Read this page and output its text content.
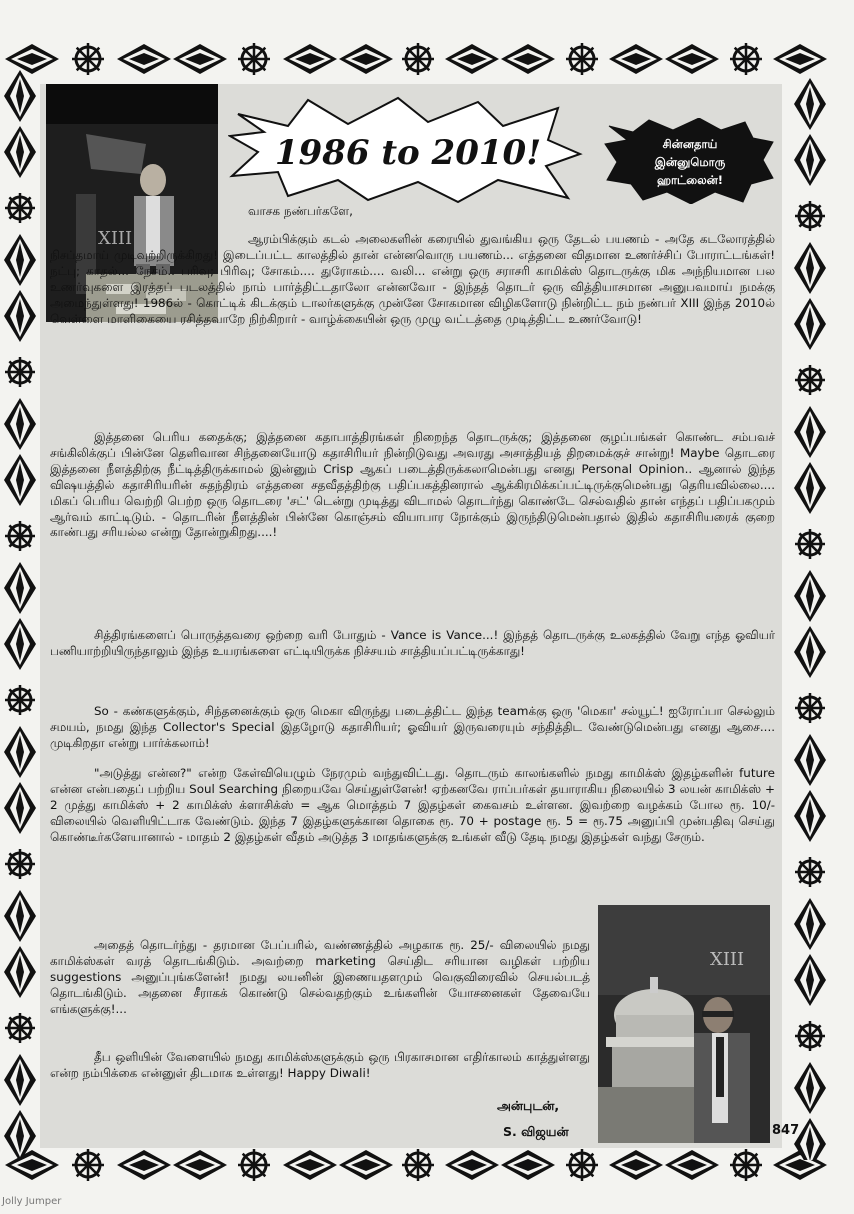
XIII
1986 to 2010!	சின்னதாய்
இன்னுமொரு
ஹாட்லைன்!

வாசக நண்பர்களே,

ஆரம்பிக்கும் கடல் அலைகளின் கரையில் துவங்கிய ஒரு தேடல் பயணம் - அதே கடலோரத்தில் நிசப்தமாய் முடிவுற்றிருக்கிறது! இடைப்பட்ட காலத்தில் தான் என்னவொரு பயணம்... எத்தனை விதமான உணர்ச்சிப் போராட்டங்கள்! நட்பு; காதல்... நேசம்.. பரிவு; பிரிவு; சோகம்.... துரோகம்.... வலி... என்று ஒரு சராசரி காமிக்ஸ் தொடருக்கு மிக அந்நியமான பல உணர்வுகளை இரத்தப் படலத்தில் நாம் பார்த்திட்டதாலோ என்னவோ - இந்தத் தொடர் ஒரு வித்தியாசமான அனுபவமாய் நமக்கு அமைந்துள்ளது! 1986ல் - கொட்டிக் கிடக்கும் டாலர்களுக்கு முன்னே சோகமான விழிகளோடு நின்றிட்ட நம் நண்பர் XIII இந்த 2010ல் வெள்ளை மாளிகையை ரசித்தவாறே நிற்கிறார் - வாழ்க்கையின் ஒரு முழு வட்டத்தை முடித்திட்ட உணர்வோடு!

இத்தனை பெரிய கதைக்கு; இத்தனை கதாபாத்திரங்கள் நிறைந்த தொடருக்கு; இத்தனை குழப்பங்கள் கொண்ட சம்பவச் சங்கிலிக்குப் பின்னே தெளிவான சிந்தனையோடு கதாசிரியர் நின்றிடுவது அவரது அசாத்தியத் திறமைக்குச் சான்று! Maybe தொடரை இத்தனை நீளத்திற்கு நீட்டித்திருக்காமல் இன்னும் Crisp ஆகப் படைத்திருக்கலாமென்பது எனது Personal Opinion.. ஆனால் இந்த விஷயத்தில் கதாசிரியரின் சுதந்திரம் எத்தனை சதவீதத்திற்கு பதிப்பகத்தினரால் ஆக்கிரமிக்கப்பட்டிருக்குமென்பது தெரியவில்லை.... மிகப் பெரிய வெற்றி பெற்ற ஒரு தொடரை 'சட்' டென்று முடித்து விடாமல் தொடர்ந்து கொண்டே செல்வதில் தான் எந்தப் பதிப்பகமும் ஆர்வம் காட்டிடும். - தொடரின் நீளத்தின் பின்னே கொஞ்சம் வியாபார நோக்கும் இருந்திடுமென்பதால் இதில் கதாசிரியரைக் குறை காண்பது சரியல்ல என்று தோன்றுகிறது....!

சித்திரங்களைப் பொருத்தவரை ஒற்றை வரி போதும் - Vance is Vance...! இந்தத் தொடருக்கு உலகத்தில் வேறு எந்த ஓவியர் பணியாற்றியிருந்தாலும் இந்த உயரங்களை எட்டியிருக்க நிச்சயம் சாத்தியப்பட்டிருக்காது!

So - கண்களுக்கும், சிந்தனைக்கும் ஒரு மெகா விருந்து படைத்திட்ட இந்த teamக்கு ஒரு 'மெகா' சல்யூட்! ஐரோப்பா செல்லும் சமயம், நமது இந்த Collector's Special இதழோடு கதாசிரியர்; ஓவியர் இருவரையும் சந்தித்திட வேண்டுமென்பது எனது ஆசை.... முடிகிறதா என்று பார்க்கலாம்!

"அடுத்து என்ன?" என்ற கேள்வியெழும் நேரமும் வந்துவிட்டது. தொடரும் காலங்களில் நமது காமிக்ஸ் இதழ்களின் future என்ன என்பதைப் பற்றிய Soul Searching நிறையவே செய்துள்ளேன்! ஏற்கனவே ராப்பர்கள் தயாராகிய நிலையில் 3 லயன் காமிக்ஸ் + 2 முத்து காமிக்ஸ் + 2 காமிக்ஸ் க்ளாசிக்ஸ் = ஆக மொத்தம் 7 இதழ்கள் கைவசம் உள்ளன. இவற்றை வழக்கம் போல ரூ. 10/- விலையில் வெளியிட்டாக வேண்டும். இந்த 7 இதழ்களுக்கான தொகை ரூ. 70 + postage ரூ. 5 = ரூ.75 அனுப்பி முன்பதிவு செய்து கொண்டீர்களேயானால் - மாதம் 2 இதழ்கள் வீதம் அடுத்த 3 மாதங்களுக்கு உங்கள் வீடு தேடி நமது இதழ்கள் வந்து சேரும்.

அதைத் தொடர்ந்து - தரமான பேப்பரில், வண்ணத்தில் அழகாக ரூ. 25/- விலையில் நமது காமிக்ஸ்கள் வரத் தொடங்கிடும். அவற்றை marketing செய்திட சரியான வழிகள் பற்றிய suggestions அனுப்புங்களேன்! நமது லயனின் இணையதளமும் வெகுவிரைவில் செயல்படத் தொடங்கிடும். அதனை சீராகக் கொண்டு செல்வதற்கும் உங்களின் யோசனைகள் தேவையே எங்களுக்கு!...

தீப ஒளியின் வேளையில் நமது காமிக்ஸ்களுக்கும் ஒரு பிரகாசமான எதிர்காலம் காத்துள்ளது என்ற நம்பிக்கை என்னுள் திடமாக உள்ளது! Happy Diwali!

அன்புடன்,

S. விஜயன்

XIII
847
Jolly Jumper
